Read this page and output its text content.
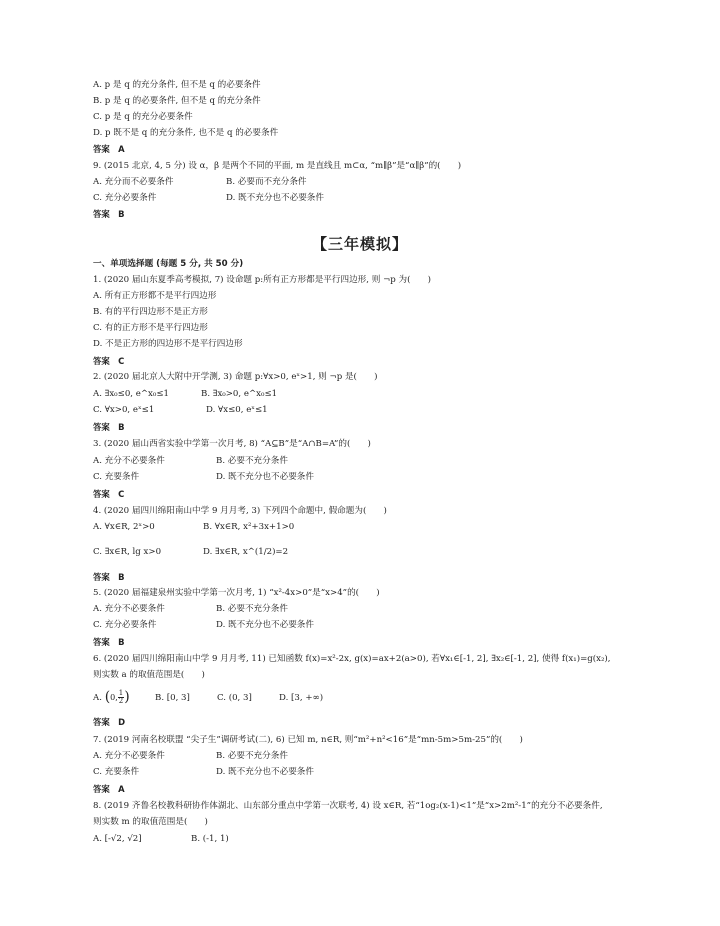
A. p 是 q 的充分条件, 但不是 q 的必要条件
B. p 是 q 的必要条件, 但不是 q 的充分条件
C. p 是 q 的充分必要条件
D. p 既不是 q 的充分条件, 也不是 q 的必要条件
答案　A
9. (2015 北京, 4, 5 分) 设 α，β 是两个不同的平面, m 是直线且 m⊂α, “m∥β”是“α∥β”的(　　)
A. 充分而不必要条件	B. 必要而不充分条件
C. 充分必要条件	D. 既不充分也不必要条件
答案　B
【三年模拟】
一、单项选择题 (每题 5 分, 共 50 分)
1. (2020 届山东夏季高考模拟, 7) 设命题 p:所有正方形都是平行四边形, 则 ¬p 为(　　)
A. 所有正方形都不是平行四边形
B. 有的平行四边形不是正方形
C. 有的正方形不是平行四边形
D. 不是正方形的四边形不是平行四边形
答案　C
2. (2020 届北京人大附中开学测, 3) 命题 p:∀x>0, eˣ>1, 则 ¬p 是(　　)
A. ∃x₀≤0, e^x₀≤1	B. ∃x₀>0, e^x₀≤1
C. ∀x>0, eˣ≤1	D. ∀x≤0, eˣ≤1
答案　B
3. (2020 届山西省实验中学第一次月考, 8) “A⊆B”是“A∩B=A”的(　　)
A. 充分不必要条件	B. 必要不充分条件
C. 充要条件	D. 既不充分也不必要条件
答案　C
4. (2020 届四川绵阳南山中学 9 月月考, 3) 下列四个命题中, 假命题为(　　)
A. ∀x∈R, 2ˣ>0	B. ∀x∈R, x²+3x+1>0
C. ∃x∈R, lg x>0	D. ∃x∈R, x^(1/2)=2
答案　B
5. (2020 届福建泉州实验中学第一次月考, 1) “x²-4x>0”是“x>4”的(　　)
A. 充分不必要条件	B. 必要不充分条件
C. 充分必要条件	D. 既不充分也不必要条件
答案　B
6. (2020 届四川绵阳南山中学 9 月月考, 11) 已知函数 f(x)=x²-2x, g(x)=ax+2(a>0), 若∀x₁∈[-1, 2], ∃x₂∈[-1, 2], 使得 f(x₁)=g(x₂),
则实数 a 的取值范围是(　　)
A. (0, $\frac{1}{2}$ )	B. [0, 3]	C. (0, 3]	D. [3, +∞)
答案　D
7. (2019 河南名校联盟 “尖子生”调研考试(二), 6) 已知 m, n∈R, 则“m²+n²<16”是“mn-5m>5m-25”的(　　)
A. 充分不必要条件	B. 必要不充分条件
C. 充要条件	D. 既不充分也不必要条件
答案　A
8. (2019 齐鲁名校教科研协作体湖北、山东部分重点中学第一次联考, 4) 设 x∈R, 若“1og₂(x-1)<1”是“x>2m²-1”的充分不必要条件,
则实数 m 的取值范围是(　　)
A. [-√2, √2]	B. (-1, 1)
